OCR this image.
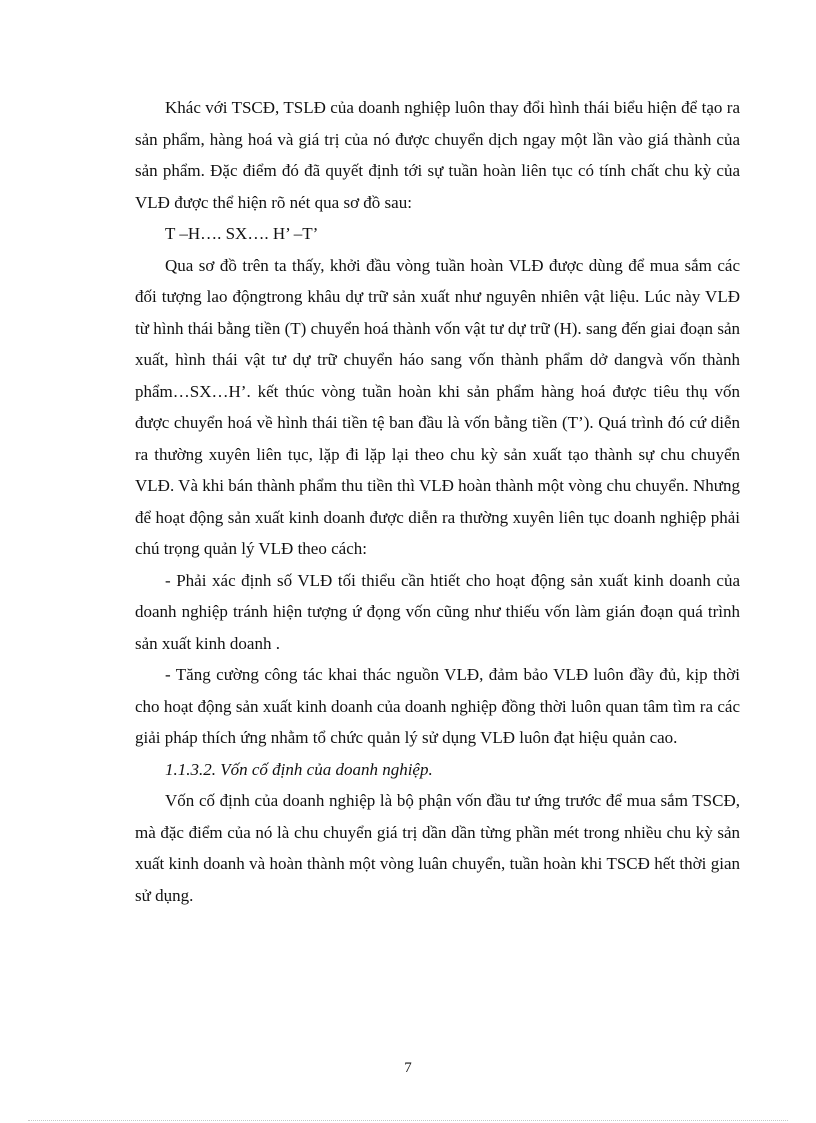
Khác với TSCĐ, TSLĐ của doanh nghiệp luôn thay đổi hình thái biểu hiện để tạo ra sản phẩm, hàng hoá và giá trị của nó được chuyển dịch ngay một lần vào giá thành của sản phẩm. Đặc điểm đó đã quyết định tới sự tuần hoàn liên tục có tính chất chu kỳ của VLĐ được thể hiện rõ nét qua sơ đồ sau:

T –H…. SX…. H’ –T’

Qua sơ đồ trên ta thấy, khởi đầu vòng tuần hoàn VLĐ được dùng để mua sắm các đối tượng lao độngtrong khâu dự trữ sản xuất như nguyên nhiên vật liệu. Lúc này VLĐ từ hình thái bằng tiền (T) chuyển hoá thành vốn vật tư dự trữ (H). sang đến giai đoạn sản xuất, hình thái vật tư dự trữ chuyển háo sang vốn thành phẩm dở dangvà vốn thành phẩm…SX…H’. kết thúc vòng tuần hoàn khi sản phẩm hàng hoá được tiêu thụ vốn được chuyển hoá về hình thái tiền tệ ban đầu là vốn bằng tiền (T’). Quá trình đó cứ diễn ra thường xuyên liên tục, lặp đi lặp lại theo chu kỳ sản xuất tạo thành sự chu chuyển VLĐ. Và khi bán thành phẩm thu tiền thì VLĐ hoàn thành một vòng chu chuyển. Nhưng để hoạt động sản xuất kinh doanh được diễn ra thường xuyên liên tục doanh nghiệp phải chú trọng quản lý VLĐ theo cách:

- Phải xác định số VLĐ tối thiểu cần htiết cho hoạt động sản xuất kinh doanh của doanh nghiệp tránh hiện tượng ứ đọng vốn cũng như thiếu vốn làm gián đoạn quá trình sản xuất kinh doanh .

- Tăng cường công tác khai thác nguồn VLĐ, đảm bảo VLĐ luôn đầy đủ, kịp thời cho hoạt động sản xuất kinh doanh của doanh nghiệp đồng thời luôn quan tâm tìm ra các giải pháp thích ứng nhằm tổ chức quản lý sử dụng VLĐ luôn đạt hiệu quản cao.

1.1.3.2. Vốn cố định của doanh nghiệp.

Vốn cố định của doanh nghiệp là bộ phận vốn đầu tư ứng trước để mua sắm TSCĐ, mà đặc điểm của nó là chu chuyển giá trị dần dần từng phần mét trong nhiều chu kỳ sản xuất kinh doanh và hoàn thành một vòng luân chuyển, tuần hoàn khi TSCĐ hết thời gian sử dụng.

7
